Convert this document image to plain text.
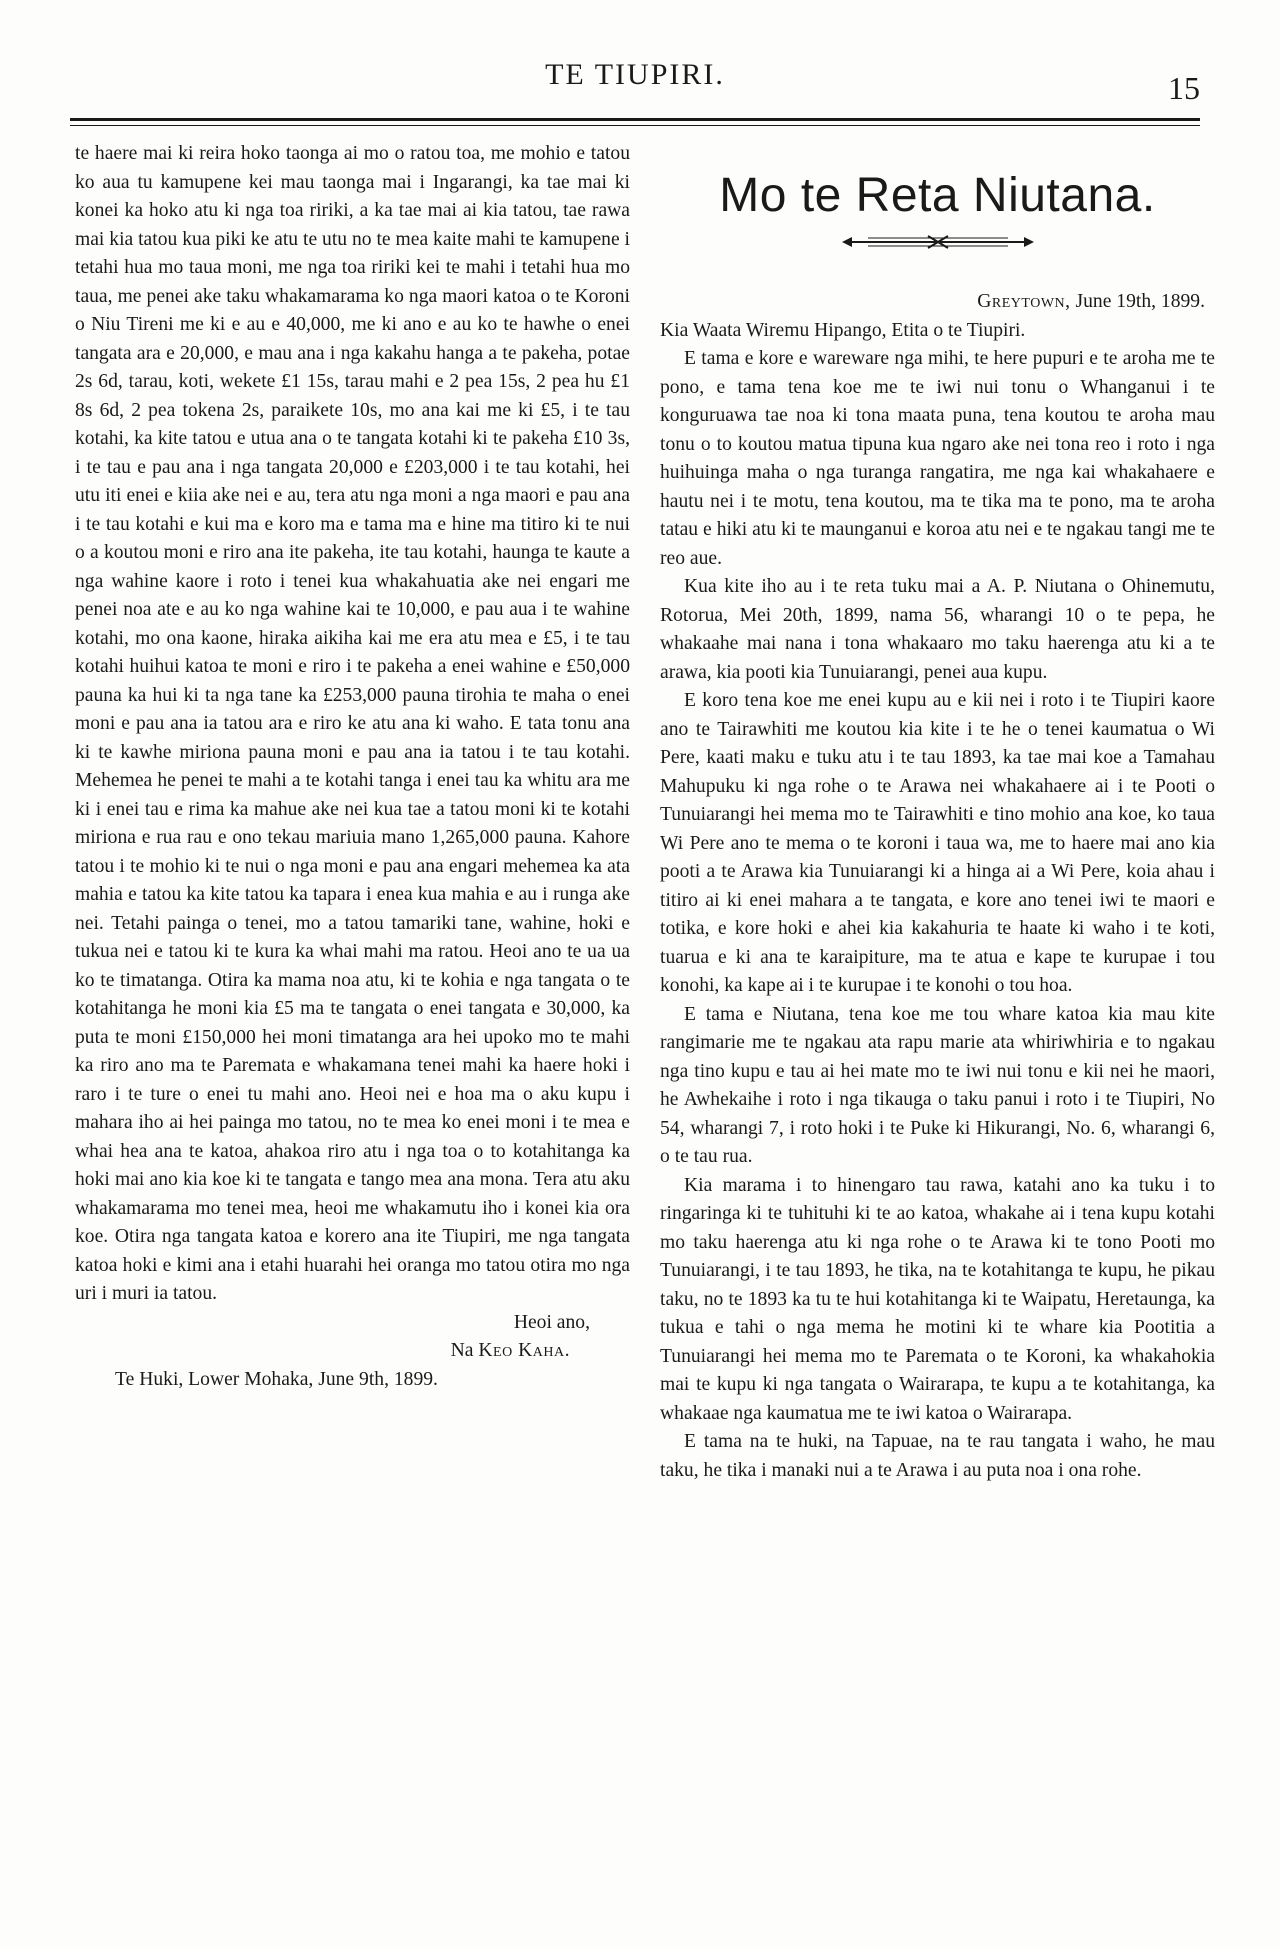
TE TIUPIRI.	15

te haere mai ki reira hoko taonga ai mo o ratou toa, me mohio e tatou ko aua tu kamupene kei mau taonga mai i Ingarangi, ka tae mai ki konei ka hoko atu ki nga toa ririki, a ka tae mai ai kia tatou, tae rawa mai kia tatou kua piki ke atu te utu no te mea kaite mahi te kamupene i tetahi hua mo taua moni, me nga toa ririki kei te mahi i tetahi hua mo taua, me penei ake taku whakamarama ko nga maori katoa o te Koroni o Niu Tireni me ki e au e 40,000, me ki ano e au ko te hawhe o enei tangata ara e 20,000, e mau ana i nga kakahu hanga a te pakeha, potae 2s 6d, tarau, koti, wekete £1 15s, tarau mahi e 2 pea 15s, 2 pea hu £1 8s 6d, 2 pea tokena 2s, paraikete 10s, mo ana kai me ki £5, i te tau kotahi, ka kite tatou e utua ana o te tangata kotahi ki te pakeha £10 3s, i te tau e pau ana i nga tangata 20,000 e £203,000 i te tau kotahi, hei utu iti enei e kiia ake nei e au, tera atu nga moni a nga maori e pau ana i te tau kotahi e kui ma e koro ma e tama ma e hine ma titiro ki te nui o a koutou moni e riro ana ite pakeha, ite tau kotahi, haunga te kaute a nga wahine kaore i roto i tenei kua whakahuatia ake nei engari me penei noa ate e au ko nga wahine kai te 10,000, e pau aua i te wahine kotahi, mo ona kaone, hiraka aikiha kai me era atu mea e £5, i te tau kotahi huihui katoa te moni e riro i te pakeha a enei wahine e £50,000 pauna ka hui ki ta nga tane ka £253,000 pauna tirohia te maha o enei moni e pau ana ia tatou ara e riro ke atu ana ki waho. E tata tonu ana ki te kawhe miriona pauna moni e pau ana ia tatou i te tau kotahi. Mehemea he penei te mahi a te kotahi tanga i enei tau ka whitu ara me ki i enei tau e rima ka mahue ake nei kua tae a tatou moni ki te kotahi miriona e rua rau e ono tekau mariuia mano 1,265,000 pauna. Kahore tatou i te mohio ki te nui o nga moni e pau ana engari mehemea ka ata mahia e tatou ka kite tatou ka tapara i enea kua mahia e au i runga ake nei. Tetahi painga o tenei, mo a tatou tamariki tane, wahine, hoki e tukua nei e tatou ki te kura ka whai mahi ma ratou. Heoi ano te ua ua ko te timatanga. Otira ka mama noa atu, ki te kohia e nga tangata o te kotahitanga he moni kia £5 ma te tangata o enei tangata e 30,000, ka puta te moni £150,000 hei moni timatanga ara hei upoko mo te mahi ka riro ano ma te Paremata e whakamana tenei mahi ka haere hoki i raro i te ture o enei tu mahi ano. Heoi nei e hoa ma o aku kupu i mahara iho ai hei painga mo tatou, no te mea ko enei moni i te mea e whai hea ana te katoa, ahakoa riro atu i nga toa o to kotahitanga ka hoki mai ano kia koe ki te tangata e tango mea ana mona. Tera atu aku whakamarama mo tenei mea, heoi me whakamutu iho i konei kia ora koe. Otira nga tangata katoa e korero ana ite Tiupiri, me nga tangata katoa hoki e kimi ana i etahi huarahi hei oranga mo tatou otira mo nga uri i muri ia tatou.

Heoi ano,

Na Keo Kaha.

Te Huki, Lower Mohaka, June 9th, 1899.

Mo te Reta Niutana.

Greytown, June 19th, 1899.

Kia Waata Wiremu Hipango, Etita o te Tiupiri.

E tama e kore e wareware nga mihi, te here pupuri e te aroha me te pono, e tama tena koe me te iwi nui tonu o Whanganui i te konguruawa tae noa ki tona maata puna, tena koutou te aroha mau tonu o to koutou matua tipuna kua ngaro ake nei tona reo i roto i nga huihuinga maha o nga turanga rangatira, me nga kai whakahaere e hautu nei i te motu, tena koutou, ma te tika ma te pono, ma te aroha tatau e hiki atu ki te maunganui e koroa atu nei e te ngakau tangi me te reo aue.

Kua kite iho au i te reta tuku mai a A. P. Niutana o Ohinemutu, Rotorua, Mei 20th, 1899, nama 56, wharangi 10 o te pepa, he whakaahe mai nana i tona whakaaro mo taku haerenga atu ki a te arawa, kia pooti kia Tunuiarangi, penei aua kupu.

E koro tena koe me enei kupu au e kii nei i roto i te Tiupiri kaore ano te Tairawhiti me koutou kia kite i te he o tenei kaumatua o Wi Pere, kaati maku e tuku atu i te tau 1893, ka tae mai koe a Tamahau Mahupuku ki nga rohe o te Arawa nei whakahaere ai i te Pooti o Tunuiarangi hei mema mo te Tairawhiti e tino mohio ana koe, ko taua Wi Pere ano te mema o te koroni i taua wa, me to haere mai ano kia pooti a te Arawa kia Tunuiarangi ki a hinga ai a Wi Pere, koia ahau i titiro ai ki enei mahara a te tangata, e kore ano tenei iwi te maori e totika, e kore hoki e ahei kia kakahuria te haate ki waho i te koti, tuarua e ki ana te karaipiture, ma te atua e kape te kurupae i tou konohi, ka kape ai i te kurupae i te konohi o tou hoa.

E tama e Niutana, tena koe me tou whare katoa kia mau kite rangimarie me te ngakau ata rapu marie ata whiriwhiria e to ngakau nga tino kupu e tau ai hei mate mo te iwi nui tonu e kii nei he maori, he Awhekaihe i roto i nga tikauga o taku panui i roto i te Tiupiri, No 54, wharangi 7, i roto hoki i te Puke ki Hikurangi, No. 6, wharangi 6, o te tau rua.

Kia marama i to hinengaro tau rawa, katahi ano ka tuku i to ringaringa ki te tuhituhi ki te ao katoa, whakahe ai i tena kupu kotahi mo taku haerenga atu ki nga rohe o te Arawa ki te tono Pooti mo Tunuiarangi, i te tau 1893, he tika, na te kotahitanga te kupu, he pikau taku, no te 1893 ka tu te hui kotahitanga ki te Waipatu, Heretaunga, ka tukua e tahi o nga mema he motini ki te whare kia Pootitia a Tunuiarangi hei mema mo te Paremata o te Koroni, ka whakahokia mai te kupu ki nga tangata o Wairarapa, te kupu a te kotahitanga, ka whakaae nga kaumatua me te iwi katoa o Wairarapa.

E tama na te huki, na Tapuae, na te rau tangata i waho, he mau taku, he tika i manaki nui a te Arawa i au puta noa i ona rohe.
